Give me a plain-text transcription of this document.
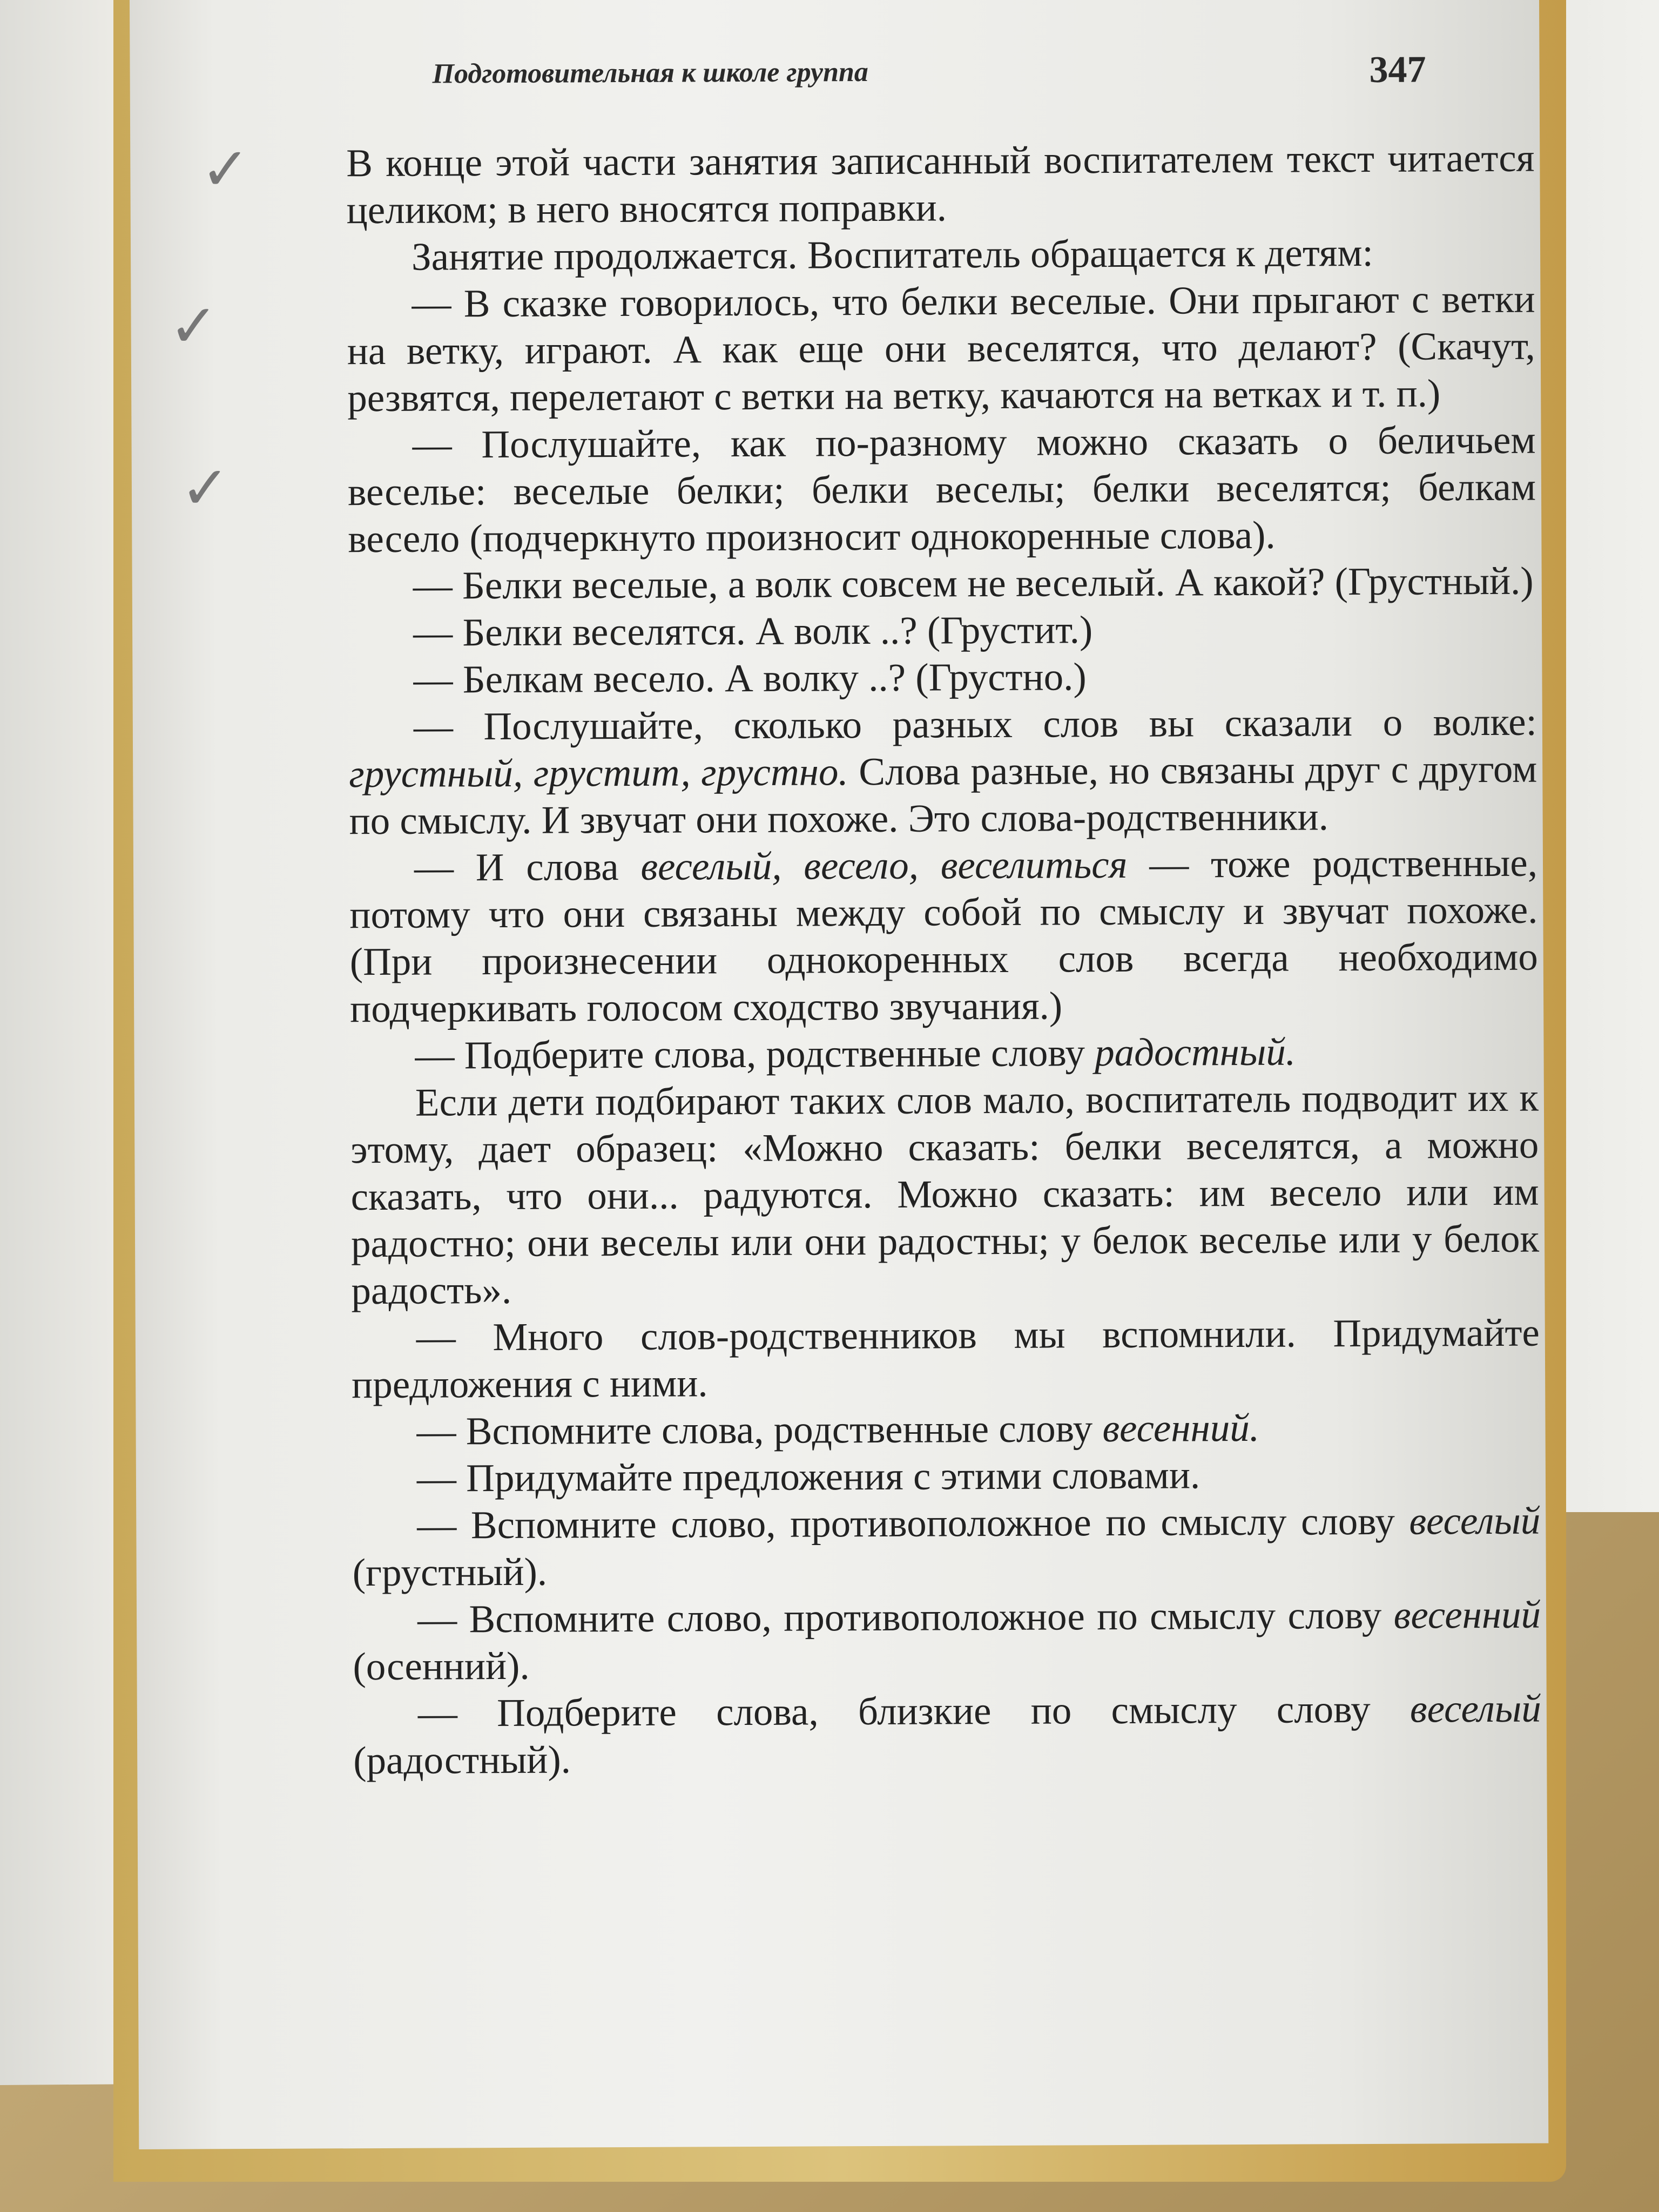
Подготовительная к школе группа	347
✓
✓
✓

В конце этой части занятия записанный воспитателем текст читается целиком; в него вносятся поправки.

Занятие продолжается. Воспитатель обращается к детям:

— В сказке говорилось, что белки веселые. Они прыгают с ветки на ветку, играют. А как еще они веселятся, что делают? (Скачут, резвятся, перелетают с ветки на ветку, качаются на ветках и т. п.)

— Послушайте, как по-разному можно сказать о беличьем веселье: веселые белки; белки веселы; белки веселятся; белкам весело (подчеркнуто произносит однокоренные слова).

— Белки веселые, а волк совсем не веселый. А какой? (Грустный.)

— Белки веселятся. А волк ..? (Грустит.)

— Белкам весело. А волку ..? (Грустно.)

— Послушайте, сколько разных слов вы сказали о волке: грустный, грустит, грустно. Слова разные, но связаны друг с другом по смыслу. И звучат они похоже. Это слова-родственники.

— И слова веселый, весело, веселиться — тоже родственные, потому что они связаны между собой по смыслу и звучат похоже. (При произнесении однокоренных слов всегда необходимо подчеркивать голосом сходство звучания.)

— Подберите слова, родственные слову радостный.

Если дети подбирают таких слов мало, воспитатель подводит их к этому, дает образец: «Можно сказать: белки веселятся, а можно сказать, что они... радуются. Можно сказать: им весело или им радостно; они веселы или они радостны; у белок веселье или у белок радость».

— Много слов-родственников мы вспомнили. Придумайте предложения с ними.

— Вспомните слова, родственные слову весенний.

— Придумайте предложения с этими словами.

— Вспомните слово, противоположное по смыслу слову веселый (грустный).

— Вспомните слово, противоположное по смыслу слову весенний (осенний).

— Подберите слова, близкие по смыслу слову веселый (радостный).
